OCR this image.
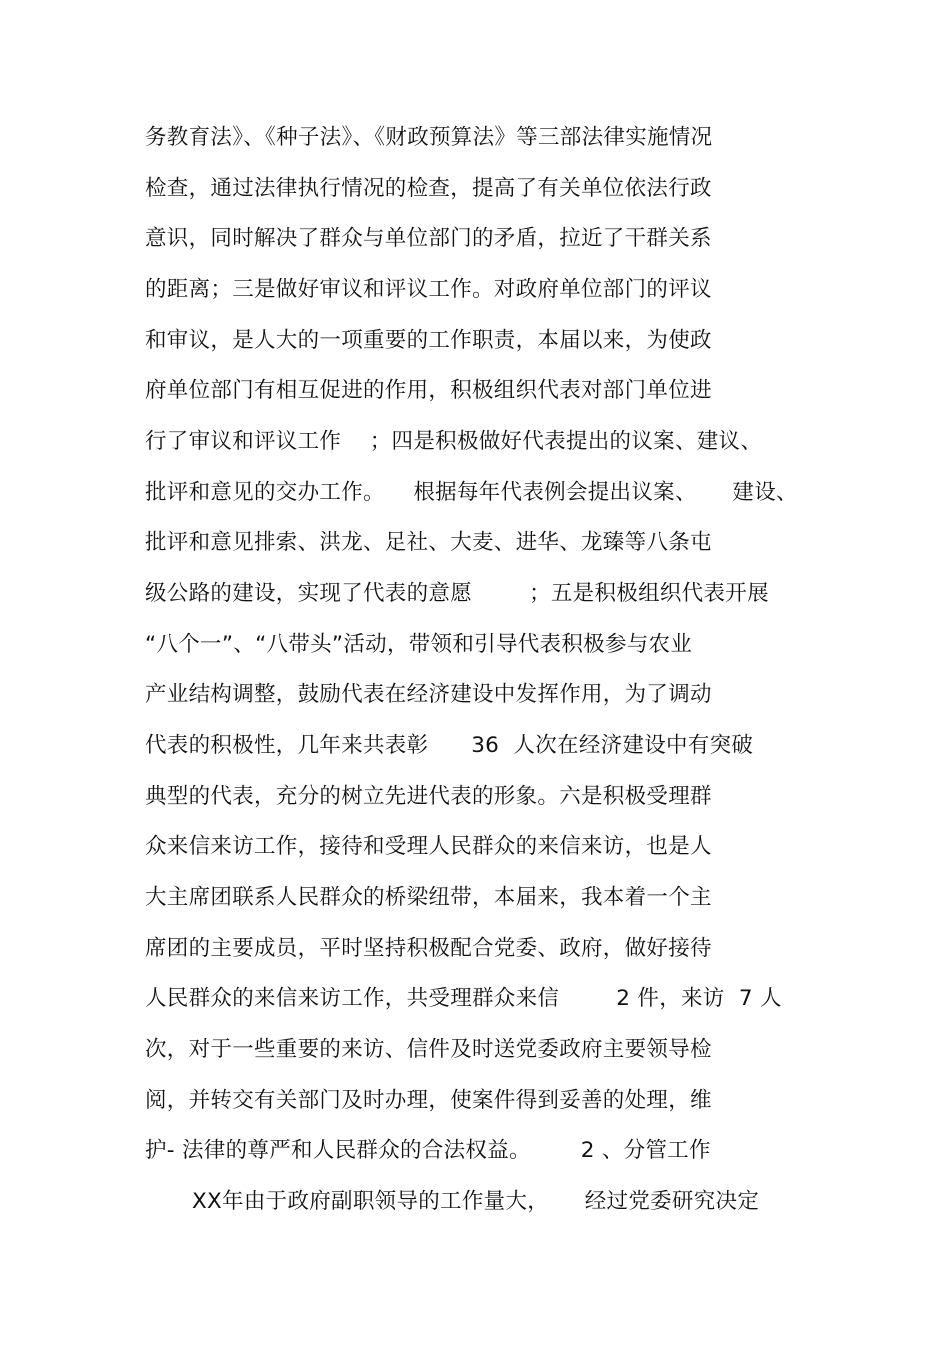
务教育法》、《种子法》、《财政预算法》等三部法律实施情况
检查，通过法律执行情况的检查，提高了有关单位依法行政
意识，同时解决了群众与单位部门的矛盾，拉近了干群关系
的距离；三是做好审议和评议工作。对政府单位部门的评议
和审议，是人大的一项重要的工作职责，本届以来，为使政
府单位部门有相互促进的作用，积极组织代表对部门单位进
行了审议和评议工作    ；四是积极做好代表提出的议案、建议、
批评和意见的交办工作。    根据每年代表例会提出议案、     建设、
批评和意见排索、洪龙、足社、大麦、进华、龙臻等八条屯
级公路的建设，实现了代表的意愿        ；五是积极组织代表开展
“八个一”、“八带头”活动，带领和引导代表积极参与农业
产业结构调整，鼓励代表在经济建设中发挥作用，为了调动
代表的积极性，几年来共表彰      36  人次在经济建设中有突破
典型的代表，充分的树立先进代表的形象。六是积极受理群
众来信来访工作，接待和受理人民群众的来信来访，也是人
大主席团联系人民群众的桥梁纽带，本届来，我本着一个主
席团的主要成员，平时坚持积极配合党委、政府，做好接待
人民群众的来信来访工作，共受理群众来信        2 件，来访  7 人
次，对于一些重要的来访、信件及时送党委政府主要领导检
阅，并转交有关部门及时办理，使案件得到妥善的处理，维
护- 法律的尊严和人民群众的合法权益。       2 、分管工作
XX年由于政府副职领导的工作量大，     经过党委研究决定
